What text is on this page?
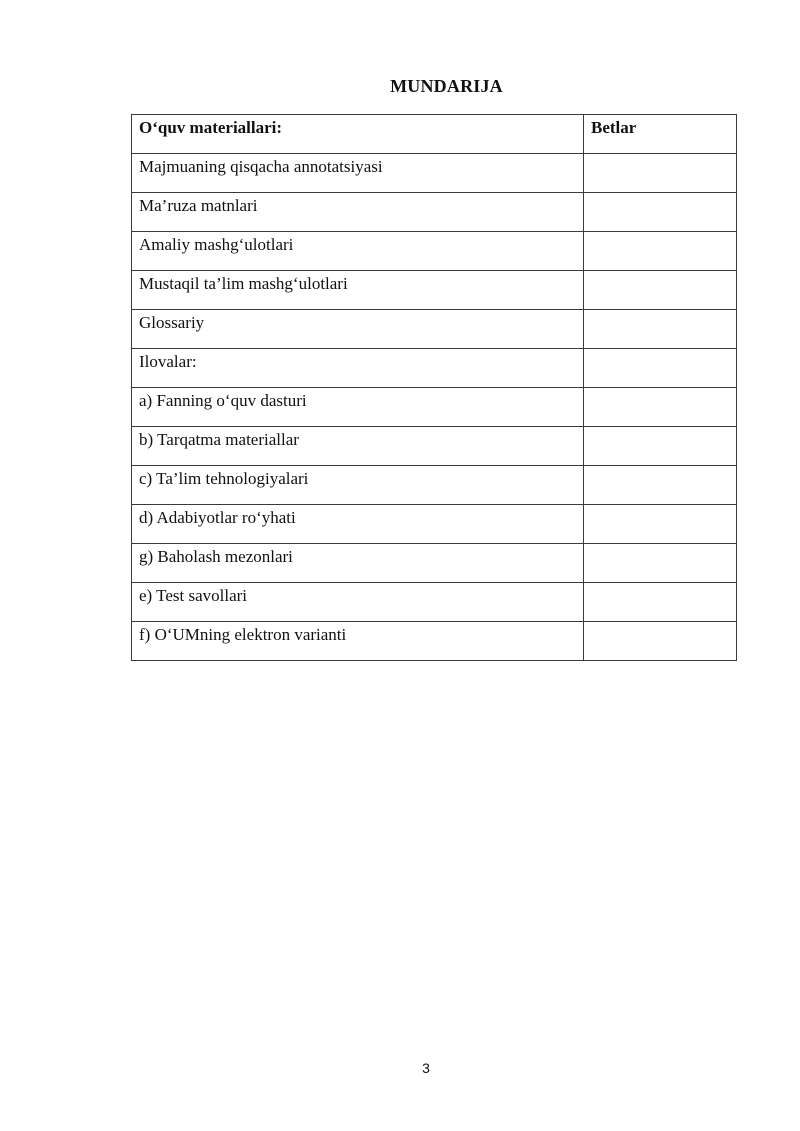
MUNDARIJA
O‘quv materiallari:	Betlar

Majmuaning qisqacha annotatsiyasi	

Ma’ruza matnlari	

Amaliy mashg‘ulotlari	

Mustaqil ta’lim mashg‘ulotlari	

Glossariy	

Ilovalar:	

a) Fanning o‘quv dasturi	

b) Tarqatma materiallar	

c) Ta’lim tehnologiyalari	

d) Adabiyotlar ro‘yhati	

g) Baholash mezonlari	

e) Test savollari	

f) O‘UMning elektron varianti	

3
